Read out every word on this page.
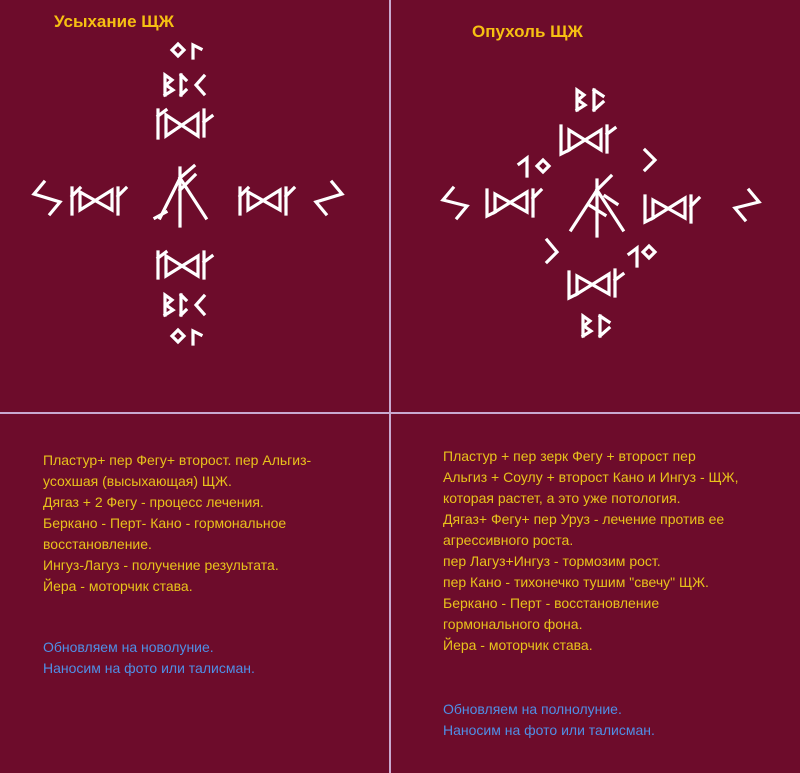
Усыхание ЩЖ
Опухоль ЩЖ

Пластур+ пер Фегу+ второст. пер Альгиз-

усохшая (высыхающая) ЩЖ.

Дягаз + 2 Фегу - процесс лечения.

Беркано - Перт- Кано - гормональное

восстановление.

Ингуз-Лагуз - получение результата.

Йера - моторчик става.

Обновляем на новолуние.

Наносим на фото или талисман.

Пластур + пер зерк Фегу + второст пер

Альгиз + Соулу + второст Кано и Ингуз - ЩЖ,

которая растет, а это уже потология.

Дягаз+ Фегу+ пер Уруз - лечение против ее

агрессивного роста.

пер Лагуз+Ингуз - тормозим рост.

пер Кано - тихонечко тушим "свечу" ЩЖ.

Беркано - Перт - восстановление

гормонального фона.

Йера - моторчик става.

Обновляем на полнолуние.

Наносим на фото или талисман.
